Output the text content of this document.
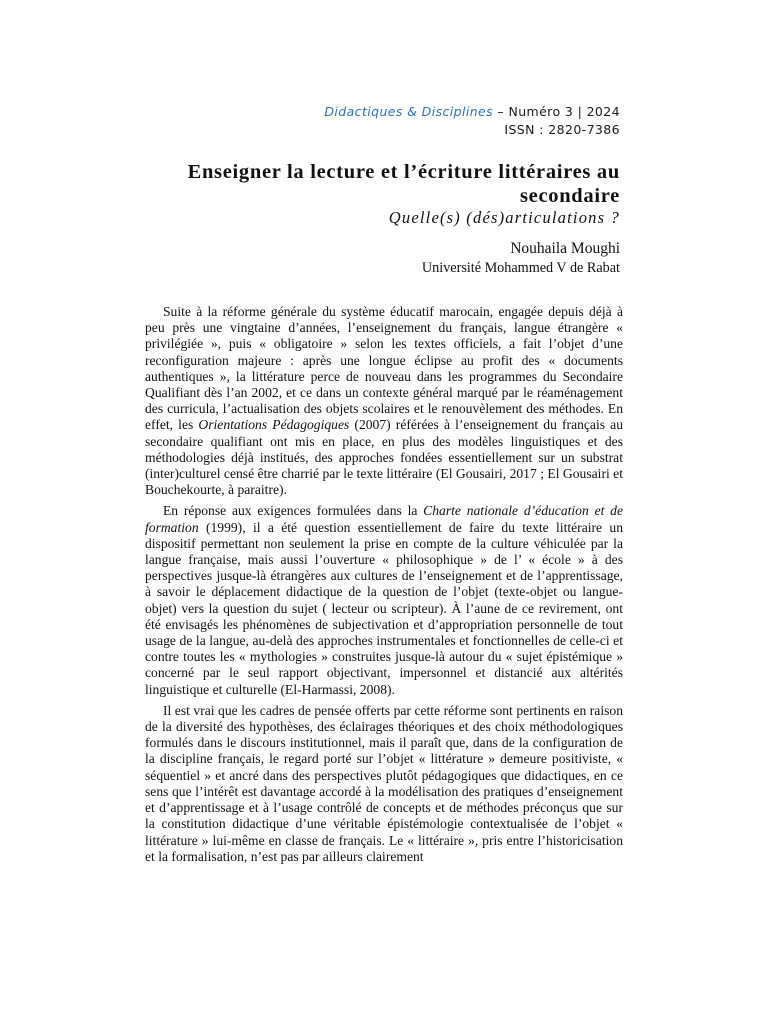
Didactiques & Disciplines – Numéro 3 | 2024
ISSN : 2820-7386
Enseigner la lecture et l’écriture littéraires au secondaire

Quelle(s) (dés)articulations ?

Nouhaila Moughi

Université Mohammed V de Rabat

Suite à la réforme générale du système éducatif marocain, engagée depuis déjà à peu près une vingtaine d’années, l’enseignement du français, langue étrangère « privilégiée », puis « obligatoire » selon les textes officiels, a fait l’objet d’une reconfiguration majeure : après une longue éclipse au profit des « documents authentiques », la littérature perce de nouveau dans les programmes du Secondaire Qualifiant dès l’an 2002, et ce dans un contexte général marqué par le réaménagement des curricula, l’actualisation des objets scolaires et le renouvèlement des méthodes. En effet, les Orientations Pédagogiques (2007) référées à l’enseignement du français au secondaire qualifiant ont mis en place, en plus des modèles linguistiques et des méthodologies déjà institués, des approches fondées essentiellement sur un substrat (inter)culturel censé être charrié par le texte littéraire (El Gousairi, 2017 ; El Gousairi et Bouchekourte, à paraitre).

En réponse aux exigences formulées dans la Charte nationale d’éducation et de formation (1999), il a été question essentiellement de faire du texte littéraire un dispositif permettant non seulement la prise en compte de la culture véhiculée par la langue française, mais aussi l’ouverture « philosophique » de l’ « école » à des perspectives jusque-là étrangères aux cultures de l’enseignement et de l’apprentissage, à savoir le déplacement didactique de la question de l’objet (texte-objet ou langue-objet) vers la question du sujet ( lecteur ou scripteur). À l’aune de ce revirement, ont été envisagés les phénomènes de subjectivation et d’appropriation personnelle de tout usage de la langue, au-delà des approches instrumentales et fonctionnelles de celle-ci et contre toutes les « mythologies » construites jusque-là autour du « sujet épistémique » concerné par le seul rapport objectivant, impersonnel et distancié aux altérités linguistique et culturelle (El-Harmassi, 2008).

Il est vrai que les cadres de pensée offerts par cette réforme sont pertinents en raison de la diversité des hypothèses, des éclairages théoriques et des choix méthodologiques formulés dans le discours institutionnel, mais il paraît que, dans de la configuration de la discipline français, le regard porté sur l’objet « littérature » demeure positiviste, « séquentiel » et ancré dans des perspectives plutôt pédagogiques que didactiques, en ce sens que l’intérêt est davantage accordé à la modélisation des pratiques d’enseignement et d’apprentissage et à l’usage contrôlé de concepts et de méthodes préconçus que sur la constitution didactique d’une véritable épistémologie contextualisée de l’objet « littérature » lui-même en classe de français. Le « littéraire », pris entre l’historicisation et la formalisation, n’est pas par ailleurs clairement
